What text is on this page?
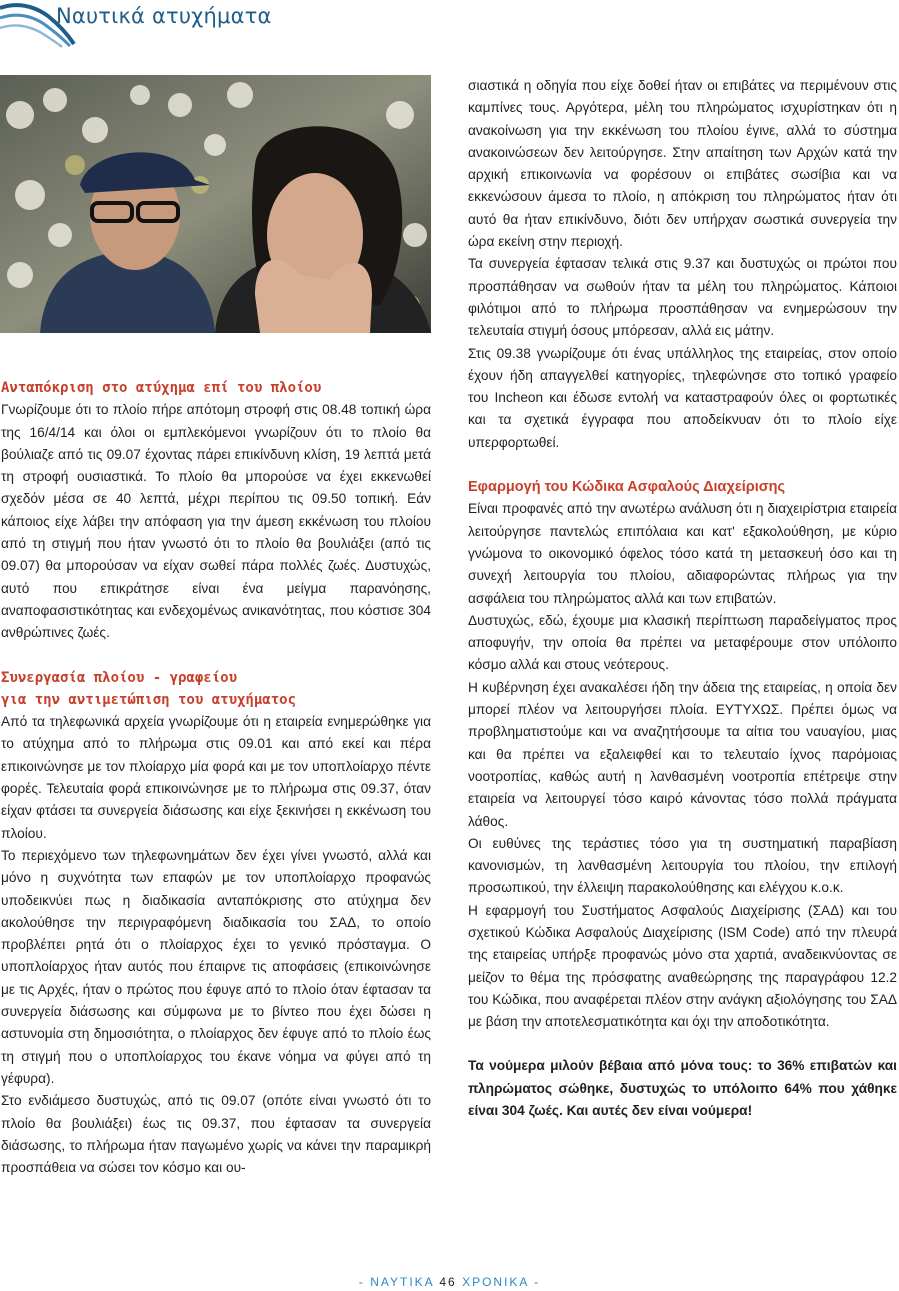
Ναυτικά ατυχήματα
Ανταπόκριση στο ατύχημα επί του πλοίου

Γνωρίζουμε ότι το πλοίο πήρε απότομη στροφή στις 08.48 τοπική ώρα της 16/4/14 και όλοι οι εμπλεκόμενοι γνωρίζουν ότι το πλοίο θα βούλιαζε από τις 09.07 έχοντας πάρει επικίνδυνη κλίση, 19 λεπτά μετά τη στροφή ουσιαστικά. Το πλοίο θα μπορούσε να έχει εκκενωθεί σχεδόν μέσα σε 40 λεπτά, μέχρι περίπου τις 09.50 τοπική. Εάν κάποιος είχε λάβει την απόφαση για την άμεση εκκένωση του πλοίου από τη στιγμή που ήταν γνωστό ότι το πλοίο θα βουλιάξει (από τις 09.07) θα μπορούσαν να είχαν σωθεί πάρα πολλές ζωές. Δυστυχώς, αυτό που επικράτησε είναι ένα μείγμα παρανόησης, αναποφασιστικότητας και ενδεχομένως ανικανότητας, που κόστισε 304 ανθρώπινες ζωές.

Συνεργασία πλοίου - γραφείου
για την αντιμετώπιση του ατυχήματος

Από τα τηλεφωνικά αρχεία γνωρίζουμε ότι η εταιρεία ενημερώθηκε για το ατύχημα από το πλήρωμα στις 09.01 και από εκεί και πέρα επικοινώνησε με τον πλοίαρχο μία φορά και με τον υποπλοίαρχο πέντε φορές. Τελευταία φορά επικοινώνησε με το πλήρωμα στις 09.37, όταν είχαν φτάσει τα συνεργεία διάσωσης και είχε ξεκινήσει η εκκένωση του πλοίου.

Το περιεχόμενο των τηλεφωνημάτων δεν έχει γίνει γνωστό, αλλά και μόνο η συχνότητα των επαφών με τον υποπλοίαρχο προφανώς υποδεικνύει πως η διαδικασία ανταπόκρισης στο ατύχημα δεν ακολούθησε την περιγραφόμενη διαδικασία του ΣΑΔ, το οποίο προβλέπει ρητά ότι ο πλοίαρχος έχει το γενικό πρόσταγμα. Ο υποπλοίαρχος ήταν αυτός που έπαιρνε τις αποφάσεις (επικοινώνησε με τις Αρχές, ήταν ο πρώτος που έφυγε από το πλοίο όταν έφτασαν τα συνεργεία διάσωσης και σύμφωνα με το βίντεο που έχει δώσει η αστυνομία στη δημοσιότητα, ο πλοίαρχος δεν έφυγε από το πλοίο έως τη στιγμή που ο υποπλοίαρχος του έκανε νόημα να φύγει από τη γέφυρα).

Στο ενδιάμεσο δυστυχώς, από τις 09.07 (οπότε είναι γνωστό ότι το πλοίο θα βουλιάξει) έως τις 09.37, που έφτασαν τα συνεργεία διάσωσης, το πλήρωμα ήταν παγωμένο χωρίς να κάνει την παραμικρή προσπάθεια να σώσει τον κόσμο και ου-

σιαστικά η οδηγία που είχε δοθεί ήταν οι επιβάτες να περιμένουν στις καμπίνες τους. Αργότερα, μέλη του πληρώματος ισχυρίστηκαν ότι η ανακοίνωση για την εκκένωση του πλοίου έγινε, αλλά το σύστημα ανακοινώσεων δεν λειτούργησε. Στην απαίτηση των Αρχών κατά την αρχική επικοινωνία να φορέσουν οι επιβάτες σωσίβια και να εκκενώσουν άμεσα το πλοίο, η απόκριση του πληρώματος ήταν ότι αυτό θα ήταν επικίνδυνο, διότι δεν υπήρχαν σωστικά συνεργεία την ώρα εκείνη στην περιοχή.

Τα συνεργεία έφτασαν τελικά στις 9.37 και δυστυχώς οι πρώτοι που προσπάθησαν να σωθούν ήταν τα μέλη του πληρώματος. Κάποιοι φιλότιμοι από το πλήρωμα προσπάθησαν να ενημερώσουν την τελευταία στιγμή όσους μπόρεσαν, αλλά εις μάτην.

Στις 09.38 γνωρίζουμε ότι ένας υπάλληλος της εταιρείας, στον οποίο έχουν ήδη απαγγελθεί κατηγορίες, τηλεφώνησε στο τοπικό γραφείο του Incheon και έδωσε εντολή να καταστραφούν όλες οι φορτωτικές και τα σχετικά έγγραφα που αποδείκνυαν ότι το πλοίο είχε υπερφορτωθεί.

Εφαρμογή του Κώδικα Ασφαλούς Διαχείρισης

Είναι προφανές από την ανωτέρω ανάλυση ότι η διαχειρίστρια εταιρεία λειτούργησε παντελώς επιπόλαια και κατ' εξακολούθηση, με κύριο γνώμονα το οικονομικό όφελος τόσο κατά τη μετασκευή όσο και τη συνεχή λειτουργία του πλοίου, αδιαφορώντας πλήρως για την ασφάλεια του πληρώματος αλλά και των επιβατών.

Δυστυχώς, εδώ, έχουμε μια κλασική περίπτωση παραδείγματος προς αποφυγήν, την οποία θα πρέπει να μεταφέρουμε στον υπόλοιπο κόσμο αλλά και στους νεότερους.

Η κυβέρνηση έχει ανακαλέσει ήδη την άδεια της εταιρείας, η οποία δεν μπορεί πλέον να λειτουργήσει πλοία. ΕΥΤΥΧΩΣ. Πρέπει όμως να προβληματιστούμε και να αναζητήσουμε τα αίτια του ναυαγίου, μιας και θα πρέπει να εξαλειφθεί και το τελευταίο ίχνος παρόμοιας νοοτροπίας, καθώς αυτή η λανθασμένη νοοτροπία επέτρεψε στην εταιρεία να λειτουργεί τόσο καιρό κάνοντας τόσο πολλά πράγματα λάθος.

Οι ευθύνες της τεράστιες τόσο για τη συστηματική παραβίαση κανονισμών, τη λανθασμένη λειτουργία του πλοίου, την επιλογή προσωπικού, την έλλειψη παρακολούθησης και ελέγχου κ.ο.κ.

Η εφαρμογή του Συστήματος Ασφαλούς Διαχείρισης (ΣΑΔ) και του σχετικού Κώδικα Ασφαλούς Διαχείρισης (ISM Code) από την πλευρά της εταιρείας υπήρξε προφανώς μόνο στα χαρτιά, αναδεικνύοντας σε μείζον το θέμα της πρόσφατης αναθεώρησης της παραγράφου 12.2 του Κώδικα, που αναφέρεται πλέον στην ανάγκη αξιολόγησης του ΣΑΔ με βάση την αποτελεσματικότητα και όχι την αποδοτικότητα.

Τα νούμερα μιλούν βέβαια από μόνα τους: το 36% επιβατών και πληρώματος σώθηκε, δυστυχώς το υπόλοιπο 64% που χάθηκε είναι 304 ζωές. Και αυτές δεν είναι νούμερα!

- ΝΑΥΤΙΚΑ 46 ΧΡΟΝΙΚΑ -
